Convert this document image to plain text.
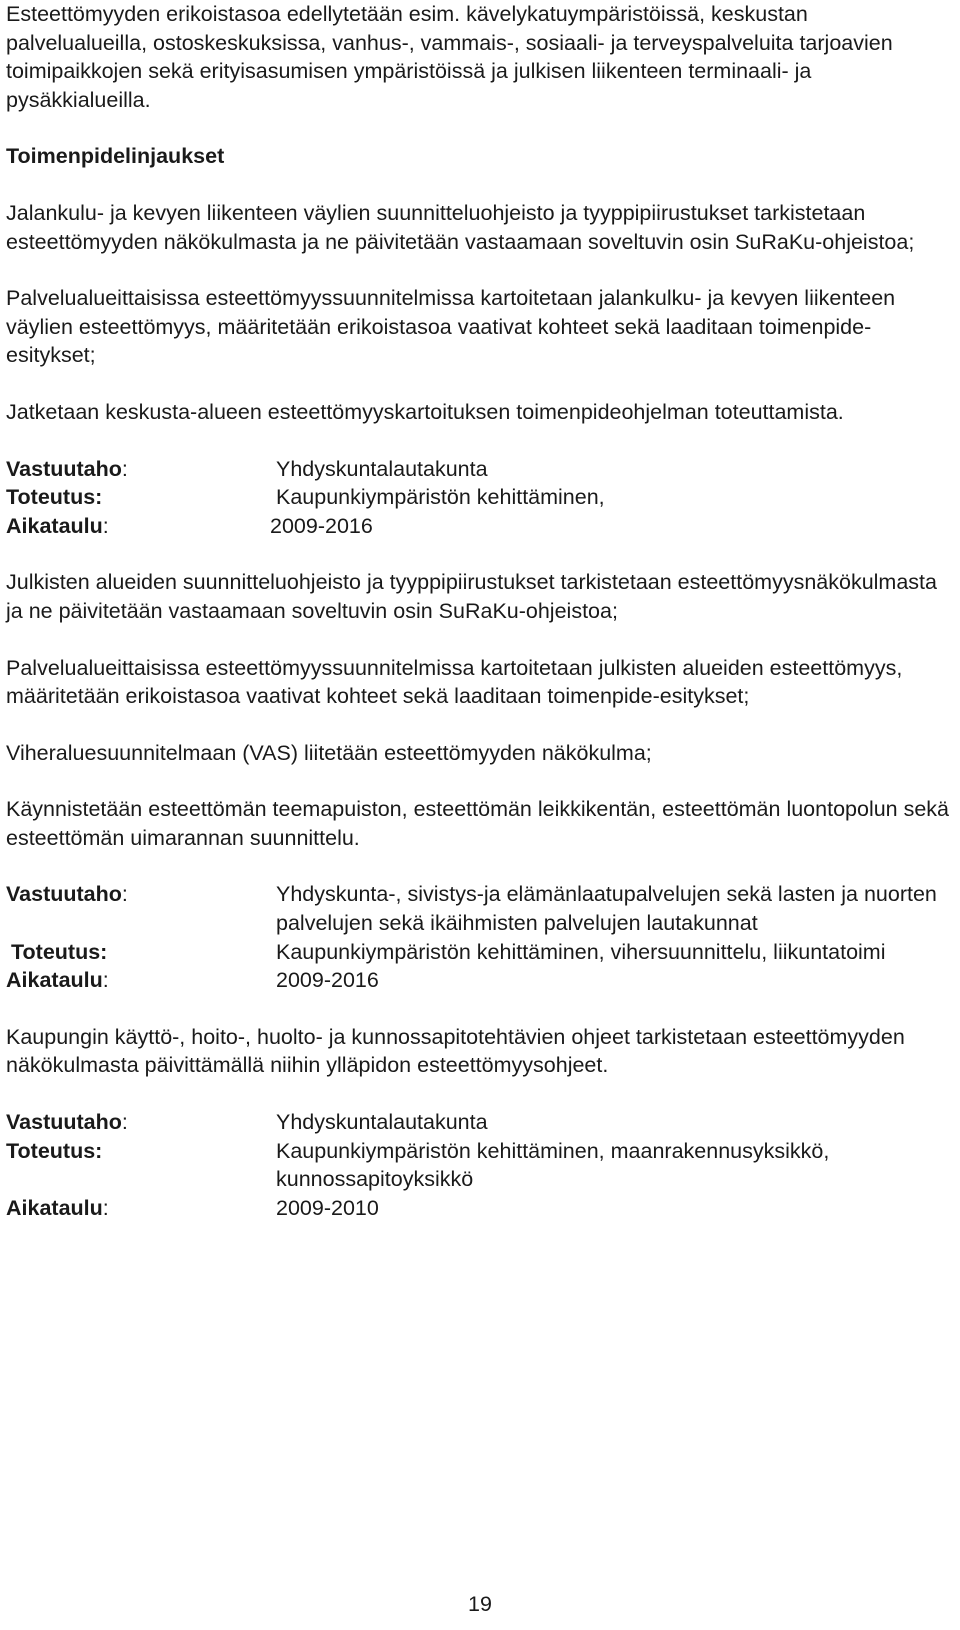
Esteettömyyden erikoistasoa edellytetään esim. kävelykatuympäristöissä, keskustan palvelualueilla, ostoskeskuksissa, vanhus-, vammais-, sosiaali- ja terveyspalveluita tarjoavien toimipaikkojen sekä erityisasumisen ympäristöissä ja julkisen liikenteen terminaali- ja pysäkkialueilla.

Toimenpidelinjaukset

Jalankulu- ja kevyen liikenteen väylien suunnitteluohjeisto ja tyyppipiirustukset tarkistetaan esteettömyyden näkökulmasta ja ne päivitetään vastaamaan soveltuvin osin SuRaKu-ohjeistoa;

Palvelualueittaisissa esteettömyyssuunnitelmissa kartoitetaan jalankulku- ja kevyen liikenteen väylien esteettömyys, määritetään erikoistasoa vaativat kohteet sekä laaditaan toimenpide-esitykset;

Jatketaan keskusta-alueen esteettömyyskartoituksen toimenpideohjelman toteuttamista.

Vastuutaho:	Yhdyskuntalautakunta
Toteutus:	Kaupunkiympäristön kehittäminen,
Aikataulu :	2009-2016

Julkisten alueiden suunnitteluohjeisto ja tyyppipiirustukset tarkistetaan esteettömyysnäkökulmasta ja ne päivitetään vastaamaan soveltuvin osin SuRaKu-ohjeistoa;

Palvelualueittaisissa esteettömyyssuunnitelmissa kartoitetaan julkisten alueiden esteettömyys, määritetään erikoistasoa vaativat kohteet sekä laaditaan toimenpide-esitykset;

Viheraluesuunnitelmaan (VAS) liitetään esteettömyyden näkökulma;

Käynnistetään esteettömän teemapuiston, esteettömän leikkikentän, esteettömän luontopolun sekä esteettömän uimarannan suunnittelu.

Vastuutaho:	Yhdyskunta-, sivistys-ja elämänlaatupalvelujen sekä lasten ja nuorten palvelujen sekä ikäihmisten palvelujen lautakunnat
Toteutus:	Kaupunkiympäristön kehittäminen, vihersuunnittelu, liikuntatoimi
Aikataulu:	2009-2016

Kaupungin käyttö-, hoito-, huolto- ja kunnossapitotehtävien ohjeet tarkistetaan esteettömyyden näkökulmasta päivittämällä niihin ylläpidon esteettömyysohjeet.

Vastuutaho:	Yhdyskuntalautakunta
Toteutus:	Kaupunkiympäristön kehittäminen, maanrakennusyksikkö, kunnossapitoyksikkö
Aikataulu:	2009-2010
19
